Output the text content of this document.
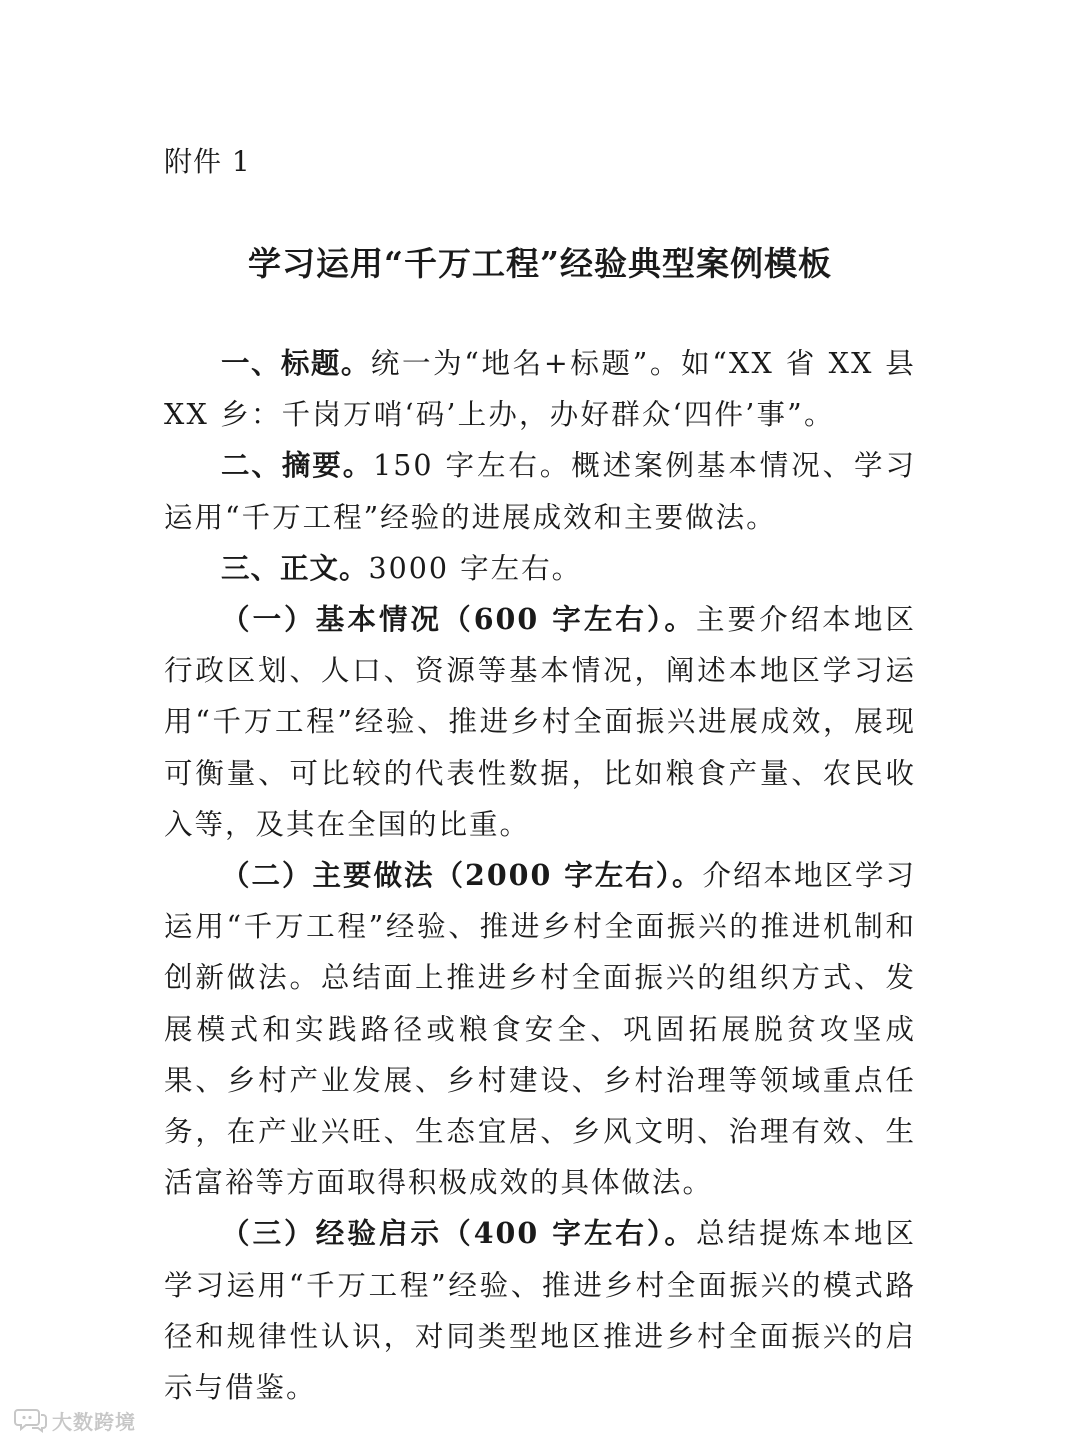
附件 1
学习运用“千万工程”经验典型案例模板

一、标题。统一为“地名+标题”。如“XX 省 XX 县 XX 乡：千岗万哨‘码’上办，办好群众‘四件’事”。

二、摘要。150 字左右。概述案例基本情况、学习运用“千万工程”经验的进展成效和主要做法。

三、正文。3000 字左右。

（一）基本情况（600 字左右）。主要介绍本地区行政区划、人口、资源等基本情况，阐述本地区学习运用“千万工程”经验、推进乡村全面振兴进展成效，展现可衡量、可比较的代表性数据，比如粮食产量、农民收入等，及其在全国的比重。

（二）主要做法（2000 字左右）。介绍本地区学习运用“千万工程”经验、推进乡村全面振兴的推进机制和创新做法。总结面上推进乡村全面振兴的组织方式、发展模式和实践路径或粮食安全、巩固拓展脱贫攻坚成果、乡村产业发展、乡村建设、乡村治理等领域重点任务，在产业兴旺、生态宜居、乡风文明、治理有效、生活富裕等方面取得积极成效的具体做法。

（三）经验启示（400 字左右）。总结提炼本地区学习运用“千万工程”经验、推进乡村全面振兴的模式路径和规律性认识，对同类型地区推进乡村全面振兴的启示与借鉴。

大数跨境
